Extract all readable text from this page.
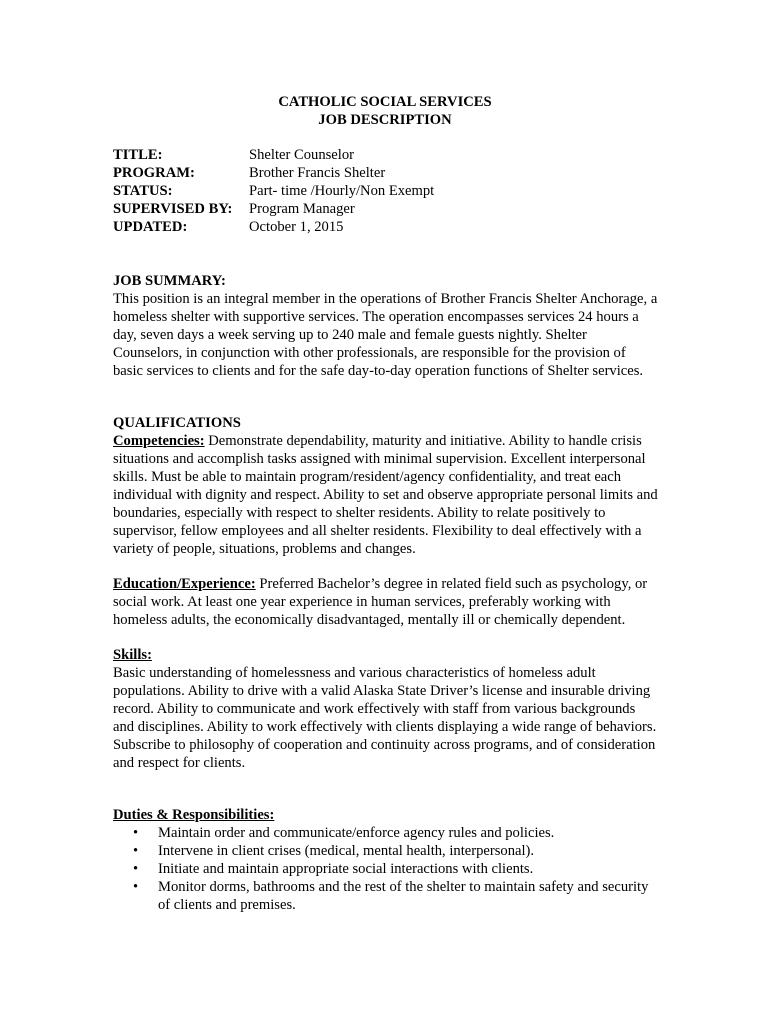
CATHOLIC SOCIAL SERVICES
JOB DESCRIPTION
TITLE:	Shelter Counselor
PROGRAM:	Brother Francis Shelter
STATUS:	Part- time /Hourly/Non Exempt
SUPERVISED BY:	Program Manager
UPDATED:	October 1, 2015
JOB SUMMARY:

This position is an integral member in the operations of Brother Francis Shelter Anchorage, a homeless shelter with supportive services. The operation encompasses services 24 hours a day, seven days a week serving up to 240 male and female guests nightly. Shelter Counselors, in conjunction with other professionals, are responsible for the provision of basic services to clients and for the safe day-to-day operation functions of Shelter services.

QUALIFICATIONS

Competencies: Demonstrate dependability, maturity and initiative. Ability to handle crisis situations and accomplish tasks assigned with minimal supervision. Excellent interpersonal skills. Must be able to maintain program/resident/agency confidentiality, and treat each individual with dignity and respect. Ability to set and observe appropriate personal limits and boundaries, especially with respect to shelter residents. Ability to relate positively to supervisor, fellow employees and all shelter residents. Flexibility to deal effectively with a variety of people, situations, problems and changes.

Education/Experience: Preferred Bachelor’s degree in related field such as psychology, or social work. At least one year experience in human services, preferably working with homeless adults, the economically disadvantaged, mentally ill or chemically dependent.

Skills:

Basic understanding of homelessness and various characteristics of homeless adult populations. Ability to drive with a valid Alaska State Driver’s license and insurable driving record. Ability to communicate and work effectively with staff from various backgrounds and disciplines. Ability to work effectively with clients displaying a wide range of behaviors. Subscribe to philosophy of cooperation and continuity across programs, and of consideration and respect for clients.

Duties & Responsibilities:
• Maintain order and communicate/enforce agency rules and policies.
• Intervene in client crises (medical, mental health, interpersonal).
• Initiate and maintain appropriate social interactions with clients.
• Monitor dorms, bathrooms and the rest of the shelter to maintain safety and security of clients and premises.
